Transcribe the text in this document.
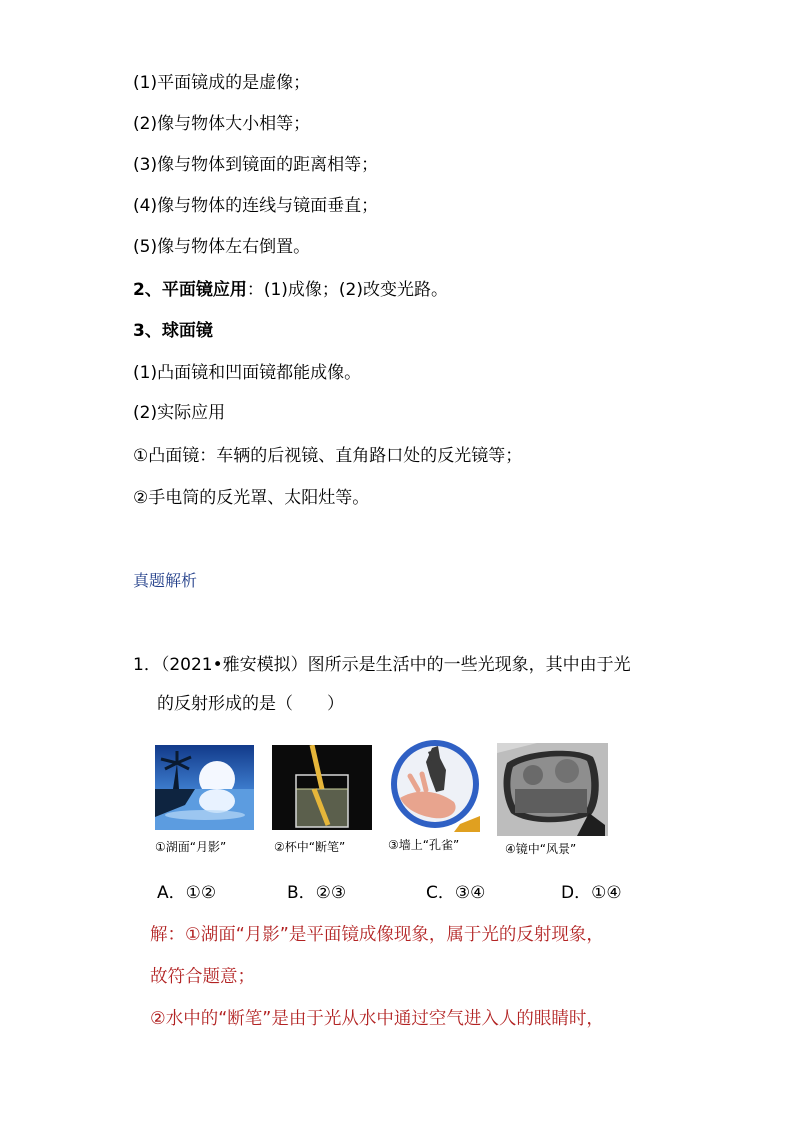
(1)平面镜成的是虚像；
(2)像与物体大小相等；
(3)像与物体到镜面的距离相等；
(4)像与物体的连线与镜面垂直；
(5)像与物体左右倒置。
2、平面镜应用：(1)成像；(2)改变光路。
3、球面镜
(1)凸面镜和凹面镜都能成像。
(2)实际应用
①凸面镜：车辆的后视镜、直角路口处的反光镜等；
②手电筒的反光罩、太阳灶等。
真题解析
1．（2021•雅安模拟）图所示是生活中的一些光现象，其中由于光
的反射形成的是（　　）
①湖面“月影”	②杯中“断笔”	③墙上“孔雀”	④镜中“风景”
A．①②	B．②③	C．③④	D．①④
解：①湖面“月影”是平面镜成像现象，属于光的反射现象，
故符合题意；
②水中的“断笔”是由于光从水中通过空气进入人的眼睛时，
